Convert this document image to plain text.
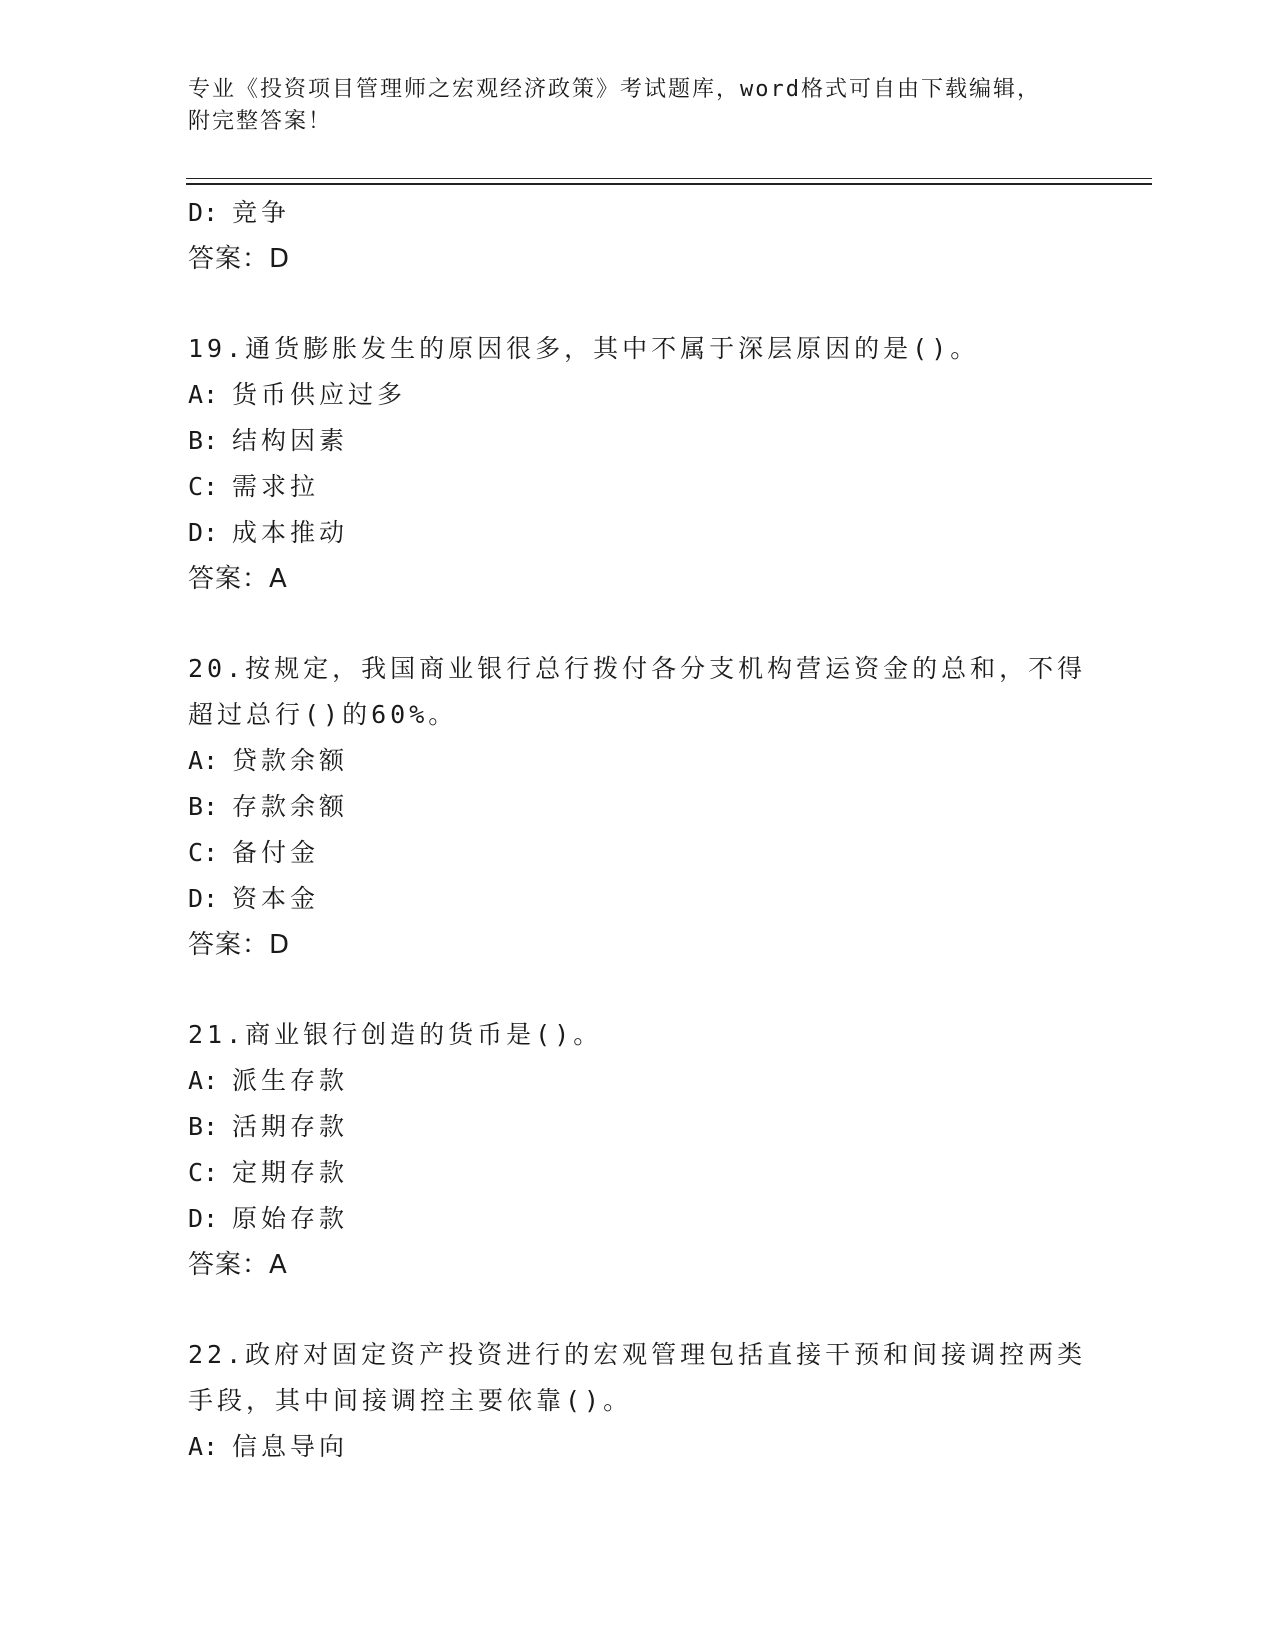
专业《投资项目管理师之宏观经济政策》考试题库，word格式可自由下载编辑，
附完整答案！
D: 竞争
答案：D
19.通货膨胀发生的原因很多，其中不属于深层原因的是()。
A: 货币供应过多
B: 结构因素
C: 需求拉
D: 成本推动
答案：A
20.按规定，我国商业银行总行拨付各分支机构营运资金的总和，不得
超过总行()的60%。
A: 贷款余额
B: 存款余额
C: 备付金
D: 资本金
答案：D
21.商业银行创造的货币是()。
A: 派生存款
B: 活期存款
C: 定期存款
D: 原始存款
答案：A
22.政府对固定资产投资进行的宏观管理包括直接干预和间接调控两类
手段，其中间接调控主要依靠()。
A: 信息导向
